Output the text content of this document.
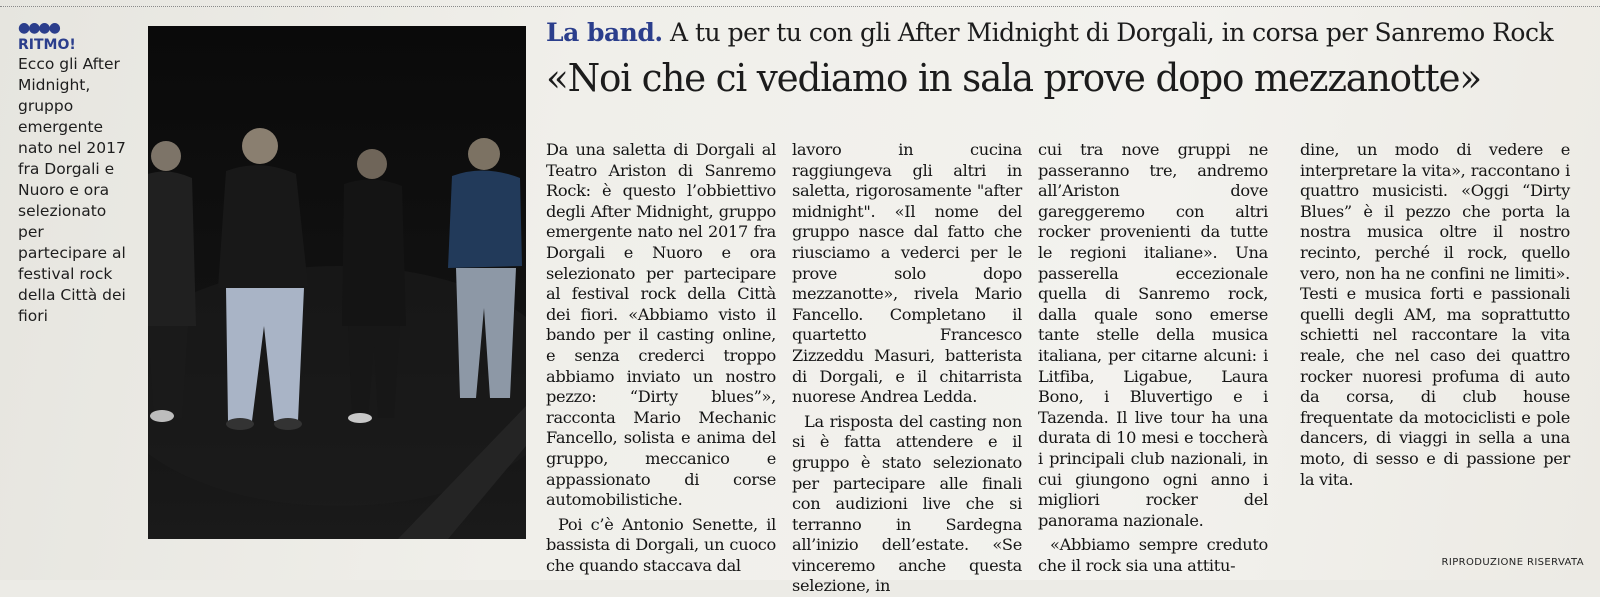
●●●●
RITMO!
Ecco gli After Midnight, gruppo emergente nato nel 2017 fra Dorgali e Nuoro e ora selezionato per partecipare al festival rock della Città dei fiori
La band. A tu per tu con gli After Midnight di Dorgali, in corsa per Sanremo Rock
«Noi che ci vediamo in sala prove dopo mezzanotte»

Da una saletta di Dorgali al Teatro Ariston di Sanremo Rock: è questo l’obbiettivo degli After Midnight, gruppo emergente nato nel 2017 fra Dorgali e Nuoro e ora selezionato per partecipare al festival rock della Città dei fiori. «Abbiamo visto il bando per il casting online, e senza crederci troppo abbiamo inviato un nostro pezzo: “Dirty blues”», racconta Mario Mechanic Fancello, solista e anima del gruppo, meccanico e appassionato di corse automobilistiche.

Poi c’è Antonio Senette, il bassista di Dorgali, un cuoco che quando staccava dal

lavoro in cucina raggiungeva gli altri in saletta, rigorosamente "after midnight". «Il nome del gruppo nasce dal fatto che riusciamo a vederci per le prove solo dopo mezzanotte», rivela Mario Fancello. Completano il quartetto Francesco Zizzeddu Masuri, batterista di Dorgali, e il chitarrista nuorese Andrea Ledda.

La risposta del casting non si è fatta attendere e il gruppo è stato selezionato per partecipare alle finali con audizioni live che si terranno in Sardegna all’inizio dell’estate. «Se vinceremo anche questa selezione, in

cui tra nove gruppi ne passeranno tre, andremo all’Ariston dove gareggeremo con altri rocker provenienti da tutte le regioni italiane». Una passerella eccezionale quella di Sanremo rock, dalla quale sono emerse tante stelle della musica italiana, per citarne alcuni: i Litfiba, Ligabue, Laura Bono, i Bluvertigo e i Tazenda. Il live tour ha una durata di 10 mesi e toccherà i principali club nazionali, in cui giungono ogni anno i migliori rocker del panorama nazionale.

«Abbiamo sempre creduto che il rock sia una attitu-

dine, un modo di vedere e interpretare la vita», raccontano i quattro musicisti. «Oggi “Dirty Blues” è il pezzo che porta la nostra musica oltre il nostro recinto, perché il rock, quello vero, non ha ne confini ne limiti». Testi e musica forti e passionali quelli degli AM, ma soprattutto schietti nel raccontare la vita reale, che nel caso dei quattro rocker nuoresi profuma di auto da corsa, di club house frequentate da motociclisti e pole dancers, di viaggi in sella a una moto, di sesso e di passione per la vita.

RIPRODUZIONE RISERVATA
